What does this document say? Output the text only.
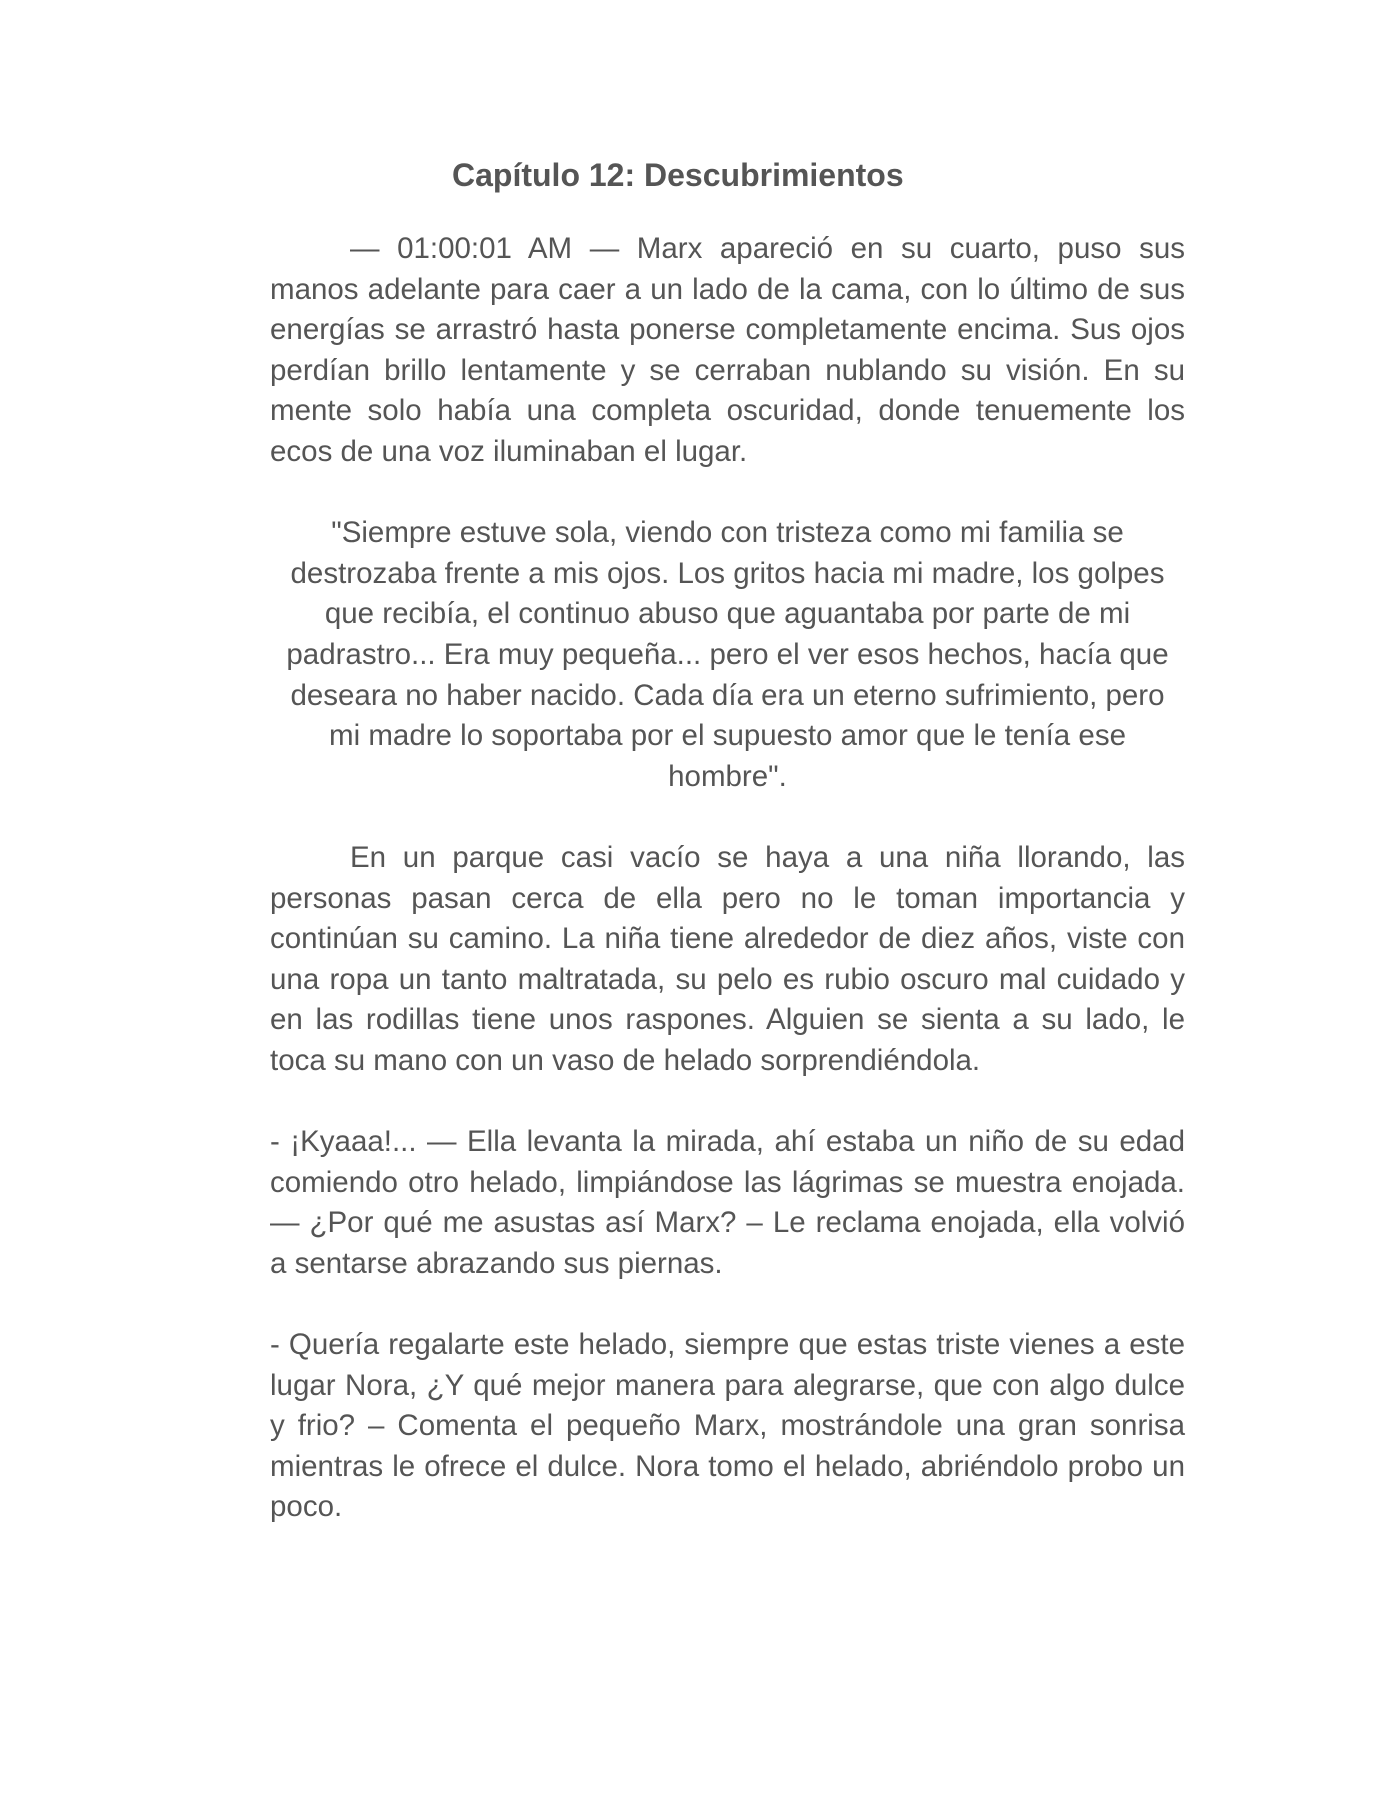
Capítulo 12: Descubrimientos

— 01:00:01 AM — Marx apareció en su cuarto, puso sus manos adelante para caer a un lado de la cama, con lo último de sus energías se arrastró hasta ponerse completamente encima. Sus ojos perdían brillo lentamente y se cerraban nublando su visión. En su mente solo había una completa oscuridad, donde tenuemente los ecos de una voz iluminaban el lugar.

"Siempre estuve sola, viendo con tristeza como mi familia se destrozaba frente a mis ojos. Los gritos hacia mi madre, los golpes que recibía, el continuo abuso que aguantaba por parte de mi padrastro... Era muy pequeña... pero el ver esos hechos, hacía que deseara no haber nacido. Cada día era un eterno sufrimiento, pero mi madre lo soportaba por el supuesto amor que le tenía ese hombre".

En un parque casi vacío se haya a una niña llorando, las personas pasan cerca de ella pero no le toman importancia y continúan su camino. La niña tiene alrededor de diez años, viste con una ropa un tanto maltratada, su pelo es rubio oscuro mal cuidado y en las rodillas tiene unos raspones. Alguien se sienta a su lado, le toca su mano con un vaso de helado sorprendiéndola.

- ¡Kyaaa!... — Ella levanta la mirada, ahí estaba un niño de su edad comiendo otro helado, limpiándose las lágrimas se muestra enojada. — ¿Por qué me asustas así Marx? – Le reclama enojada, ella volvió a sentarse abrazando sus piernas.

- Quería regalarte este helado, siempre que estas triste vienes a este lugar Nora, ¿Y qué mejor manera para alegrarse, que con algo dulce y frio? – Comenta el pequeño Marx, mostrándole una gran sonrisa mientras le ofrece el dulce. Nora tomo el helado, abriéndolo probo un poco.
